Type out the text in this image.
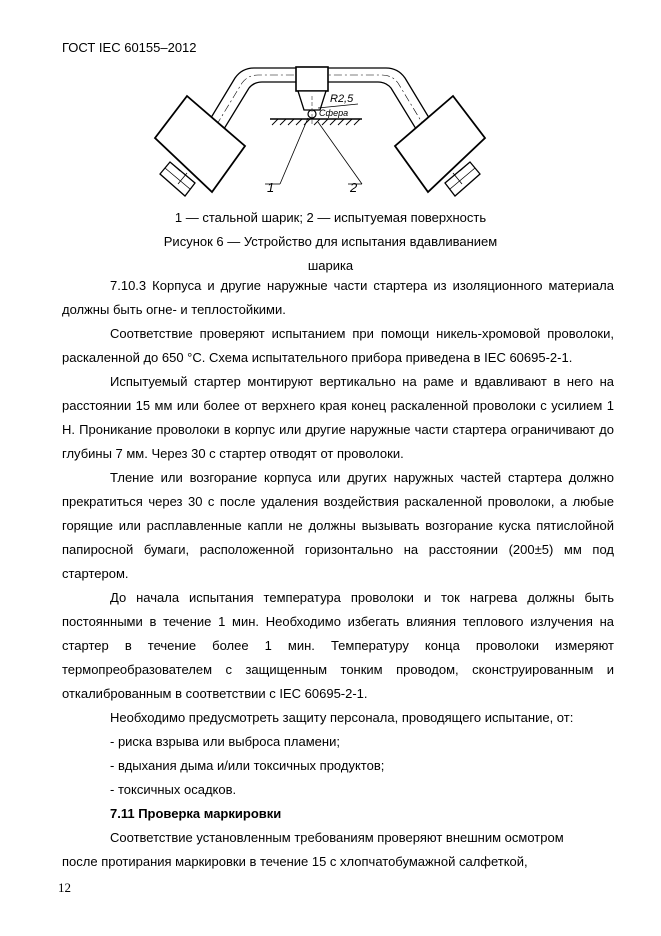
ГОСТ IEC 60155–2012
R2,5
Сфера
1	2
1 — стальной шарик; 2 — испытуемая поверхность
Рисунок 6 — Устройство для испытания вдавливанием
шарика

7.10.3 Корпуса и другие наружные части стартера из изоляционного материала должны быть огне- и теплостойкими.

Соответствие проверяют испытанием при помощи никель-хромовой проволоки, раскаленной до 650 °С. Схема испытательного прибора приведена в IEC 60695-2-1.

Испытуемый стартер монтируют вертикально на раме и вдавливают в него на расстоянии 15 мм или более от верхнего края конец раскаленной проволоки с усилием 1 Н. Проникание проволоки в корпус или другие наружные части стартера ограничивают до глубины 7 мм. Через 30 с стартер отводят от проволоки.

Тление или возгорание корпуса или других наружных частей стартера должно прекратиться через 30 с после удаления воздействия раскаленной проволоки, а любые горящие или расплавленные капли не должны вызывать возгорание куска пятислойной папиросной бумаги, расположенной горизонтально на расстоянии (200±5) мм под стартером.

До начала испытания температура проволоки и ток нагрева должны быть постоянными в течение 1 мин. Необходимо избегать влияния теплового излучения на стартер в течение более 1 мин. Температуру конца проволоки измеряют термопреобразователем с защищенным тонким проводом, сконструированным и откалиброванным в соответствии с IEC 60695-2-1.

Необходимо предусмотреть защиту персонала, проводящего испытание, от:

- риска взрыва или выброса пламени;

- вдыхания дыма и/или токсичных продуктов;

- токсичных осадков.

7.11 Проверка маркировки

Соответствие установленным требованиям проверяют внешним осмотром

после протирания маркировки в течение 15 с хлопчатобумажной салфеткой,

12
